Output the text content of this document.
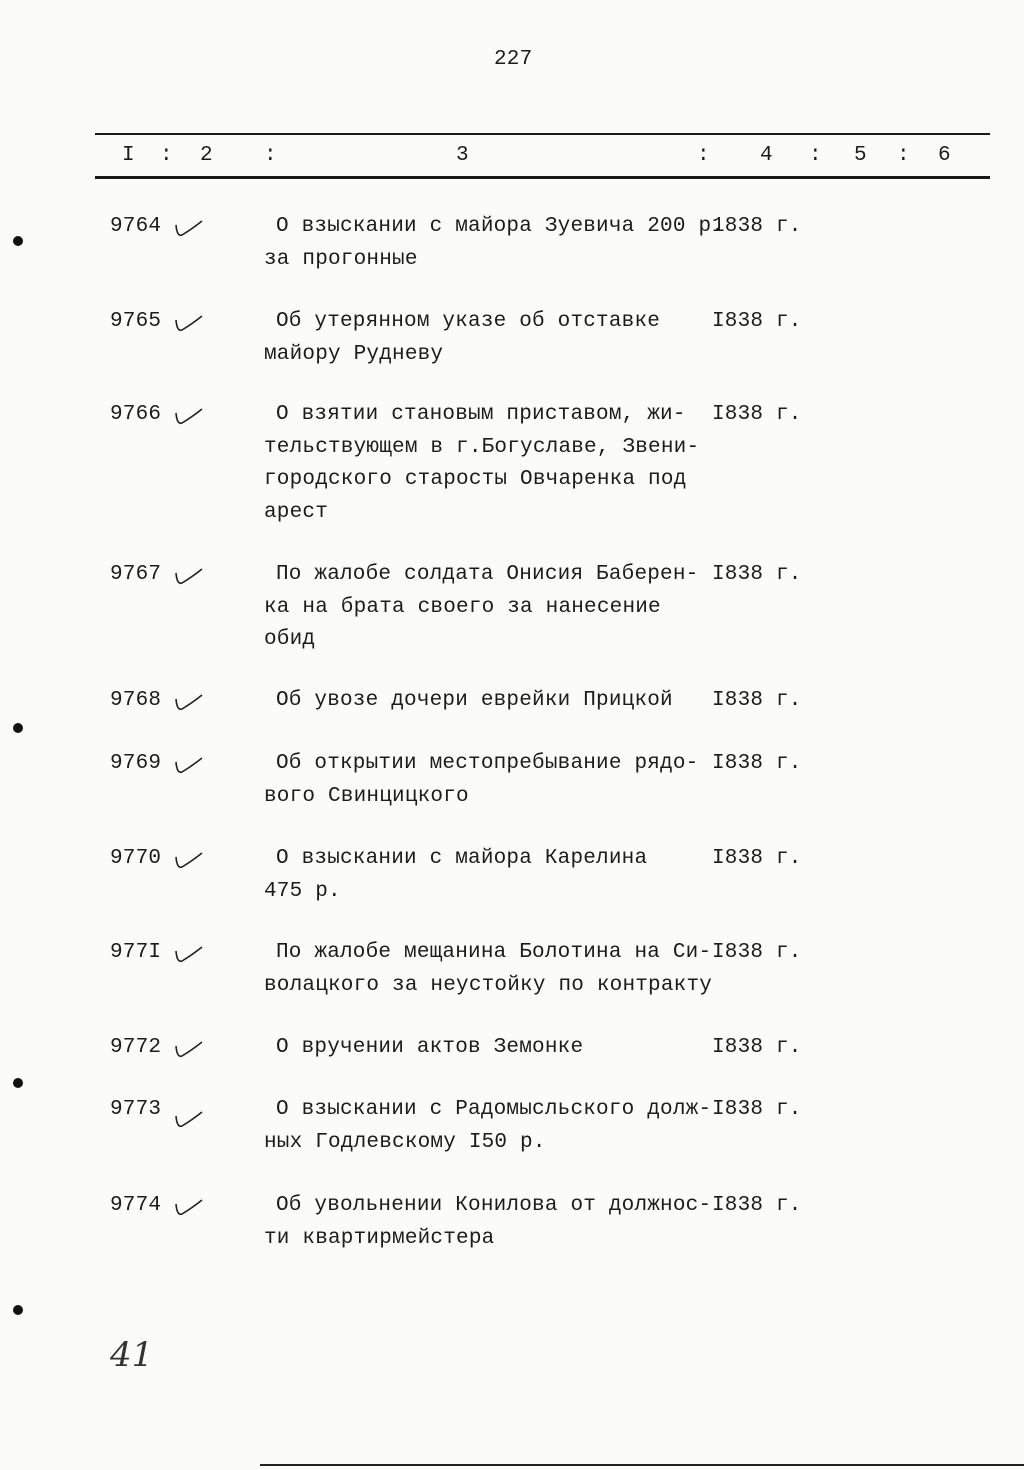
227
I : 2 :	3	: 4 : 5 : 6
9764	О взыскании с майора Зуевича 200 р.
за прогонные
1838 г.
9765	Об утерянном указе об отставке
майору Рудневу
I838 г.
9766	О взятии становым приставом, жи-
тельствующем в г.Богуславе, Звени-
городского старосты Овчаренка под
арест
I838 г.
9767	По жалобе солдата Онисия Баберен-
ка на брата своего за нанесение
обид
I838 г.
9768	Об увозе дочери еврейки Прицкой I838 г.
9769	Об открытии местопребывание рядо-
вого Свинцицкого
I838 г.
9770	О взыскании с майора Карелина
475 р.
I838 г.
977I	По жалобе мещанина Болотина на Си-
волацкого за неустойку по контракту
I838 г.
9772	О вручении актов Земонке	I838 г.
9773	О взыскании с Радомысльского долж-
ных Годлевскому I50 р.
I838 г.
9774	Об увольнении Конилова от должнос-
ти квартирмейстера
I838 г.
41
